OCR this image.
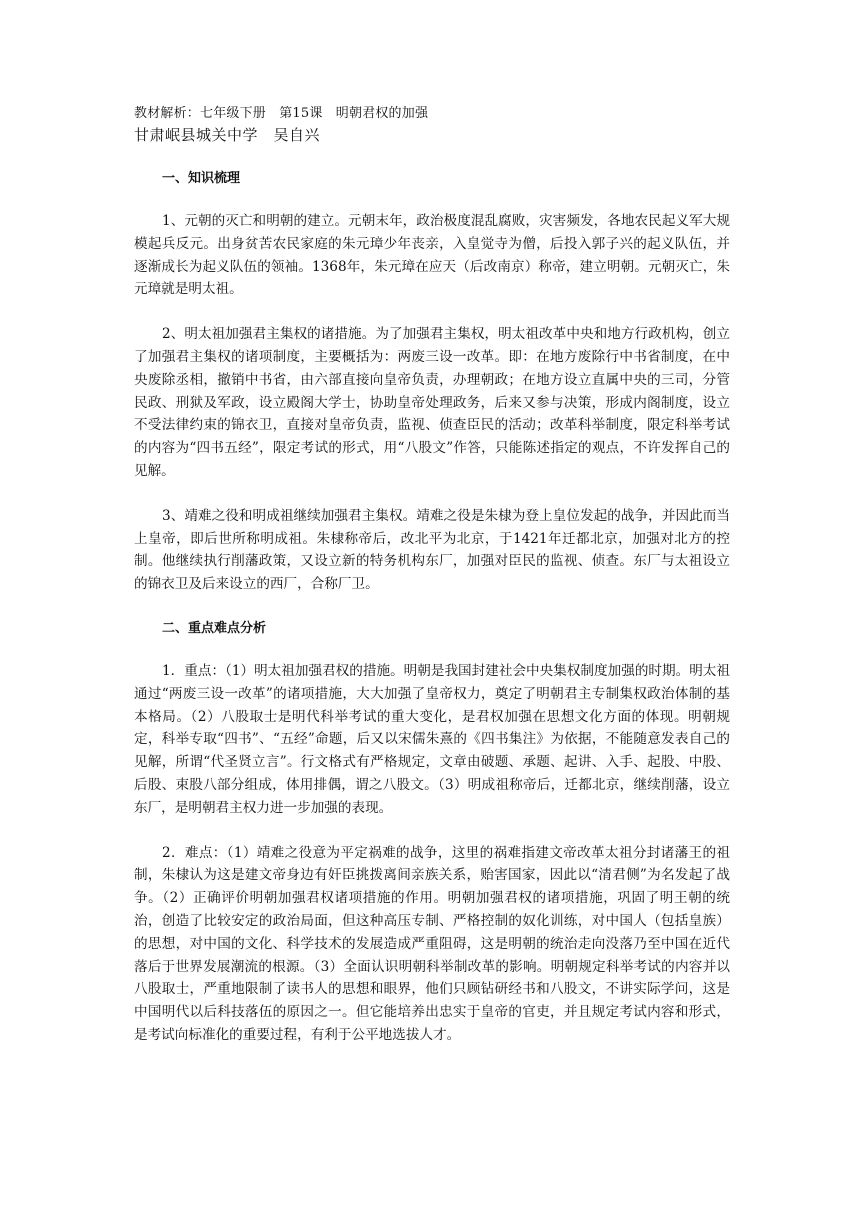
教材解析：七年级下册　第15课　明朝君权的加强

甘肃岷县城关中学　吴自兴

一、知识梳理

1、元朝的灭亡和明朝的建立。元朝末年，政治极度混乱腐败，灾害频发，各地农民起义军大规模起兵反元。出身贫苦农民家庭的朱元璋少年丧亲，入皇觉寺为僧，后投入郭子兴的起义队伍，并逐渐成长为起义队伍的领袖。1368年，朱元璋在应天（后改南京）称帝，建立明朝。元朝灭亡，朱元璋就是明太祖。

2、明太祖加强君主集权的诸措施。为了加强君主集权，明太祖改革中央和地方行政机构，创立了加强君主集权的诸项制度，主要概括为：两废三设一改革。即：在地方废除行中书省制度，在中央废除丞相，撤销中书省，由六部直接向皇帝负责，办理朝政；在地方设立直属中央的三司，分管民政、刑狱及军政，设立殿阁大学士，协助皇帝处理政务，后来又参与决策，形成内阁制度，设立不受法律约束的锦衣卫，直接对皇帝负责，监视、侦查臣民的活动；改革科举制度，限定科举考试的内容为“四书五经”，限定考试的形式，用“八股文”作答，只能陈述指定的观点，不许发挥自己的见解。

3、靖难之役和明成祖继续加强君主集权。靖难之役是朱棣为登上皇位发起的战争，并因此而当上皇帝，即后世所称明成祖。朱棣称帝后，改北平为北京，于1421年迁都北京，加强对北方的控制。他继续执行削藩政策，又设立新的特务机构东厂，加强对臣民的监视、侦查。东厂与太祖设立的锦衣卫及后来设立的西厂，合称厂卫。

二、重点难点分析

1．重点：（1）明太祖加强君权的措施。明朝是我国封建社会中央集权制度加强的时期。明太祖通过“两废三设一改革”的诸项措施，大大加强了皇帝权力，奠定了明朝君主专制集权政治体制的基本格局。（2）八股取士是明代科举考试的重大变化，是君权加强在思想文化方面的体现。明朝规定，科举专取“四书”、“五经”命题，后又以宋儒朱熹的《四书集注》为依据，不能随意发表自己的见解，所谓“代圣贤立言”。行文格式有严格规定，文章由破题、承题、起讲、入手、起股、中股、后股、束股八部分组成，体用排偶，谓之八股文。（3）明成祖称帝后，迁都北京，继续削藩，设立东厂，是明朝君主权力进一步加强的表现。

2．难点：（1）靖难之役意为平定祸难的战争，这里的祸难指建文帝改革太祖分封诸藩王的祖制，朱棣认为这是建文帝身边有奸臣挑拨离间亲族关系，贻害国家，因此以“清君侧”为名发起了战争。（2）正确评价明朝加强君权诸项措施的作用。明朝加强君权的诸项措施，巩固了明王朝的统治，创造了比较安定的政治局面，但这种高压专制、严格控制的奴化训练，对中国人（包括皇族）的思想，对中国的文化、科学技术的发展造成严重阻碍，这是明朝的统治走向没落乃至中国在近代落后于世界发展潮流的根源。（3）全面认识明朝科举制改革的影响。明朝规定科举考试的内容并以八股取士，严重地限制了读书人的思想和眼界，他们只顾钻研经书和八股文，不讲实际学问，这是中国明代以后科技落伍的原因之一。但它能培养出忠实于皇帝的官吏，并且规定考试内容和形式，是考试向标准化的重要过程，有利于公平地选拔人才。
